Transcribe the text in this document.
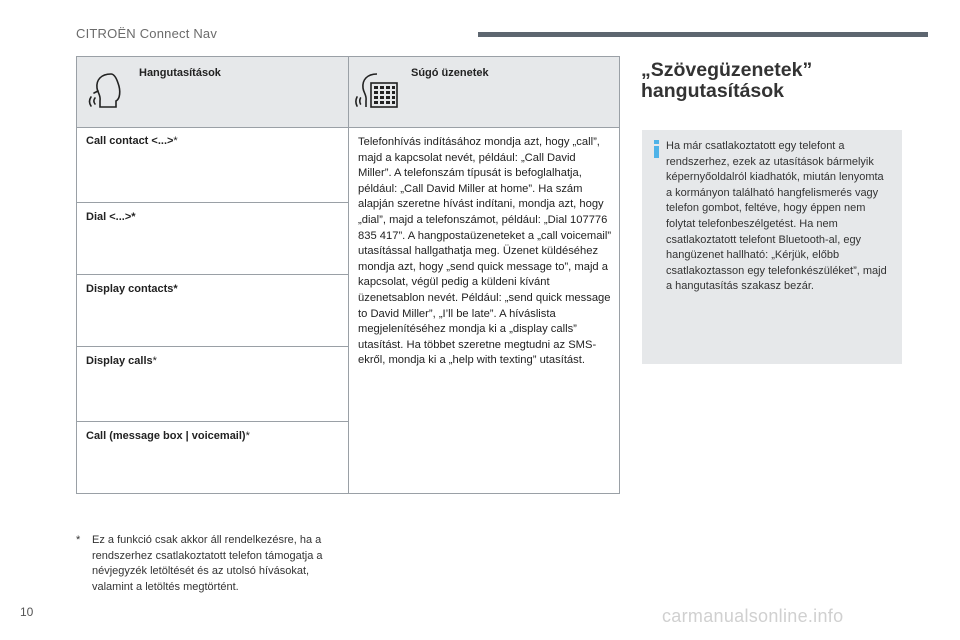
CITROËN Connect Nav
Hangutasítások	Súgó üzenetek
Call contact <...>*
Dial <...>*
Display contacts*
Display calls*
Call (message box | voicemail)*

Telefonhívás indításához mondja azt, hogy „call”, majd a kapcsolat nevét, például: „Call David Miller”. A telefonszám típusát is befoglalhatja, például: „Call David Miller at home”. Ha szám alapján szeretne hívást indítani, mondja azt, hogy „dial”, majd a telefonszámot, például: „Dial 107776 835 417”. A hangpostaüzeneteket a „call voicemail” utasítással hallgathatja meg. Üzenet küldéséhez mondja azt, hogy „send quick message to”, majd a kapcsolat, végül pedig a küldeni kívánt üzenetsablon nevét. Például: „send quick message to David Miller”, „I’ll be late”. A híváslista megjelenítéséhez mondja ki a „display calls” utasítást. Ha többet szeretne megtudni az SMS-ekről, mondja ki a „help with texting” utasítást.

* Ez a funkció csak akkor áll rendelkezésre, ha a rendszerhez csatlakoztatott telefon támogatja a névjegyzék letöltését és az utolsó hívásokat, valamint a letöltés megtörtént.

„Szövegüzenetek” hangutasítások

Ha már csatlakoztatott egy telefont a rendszerhez, ezek az utasítások bármelyik képernyőoldalról kiadhatók, miután lenyomta a kormányon található hangfelismerés vagy telefon gombot, feltéve, hogy éppen nem folytat telefonbeszélgetést. Ha nem csatlakoztatott telefont Bluetooth-al, egy hangüzenet hallható: „Kérjük, előbb csatlakoztasson egy telefonkészüléket”, majd a hangutasítás szakasz bezár.

10	carmanualsonline.info
